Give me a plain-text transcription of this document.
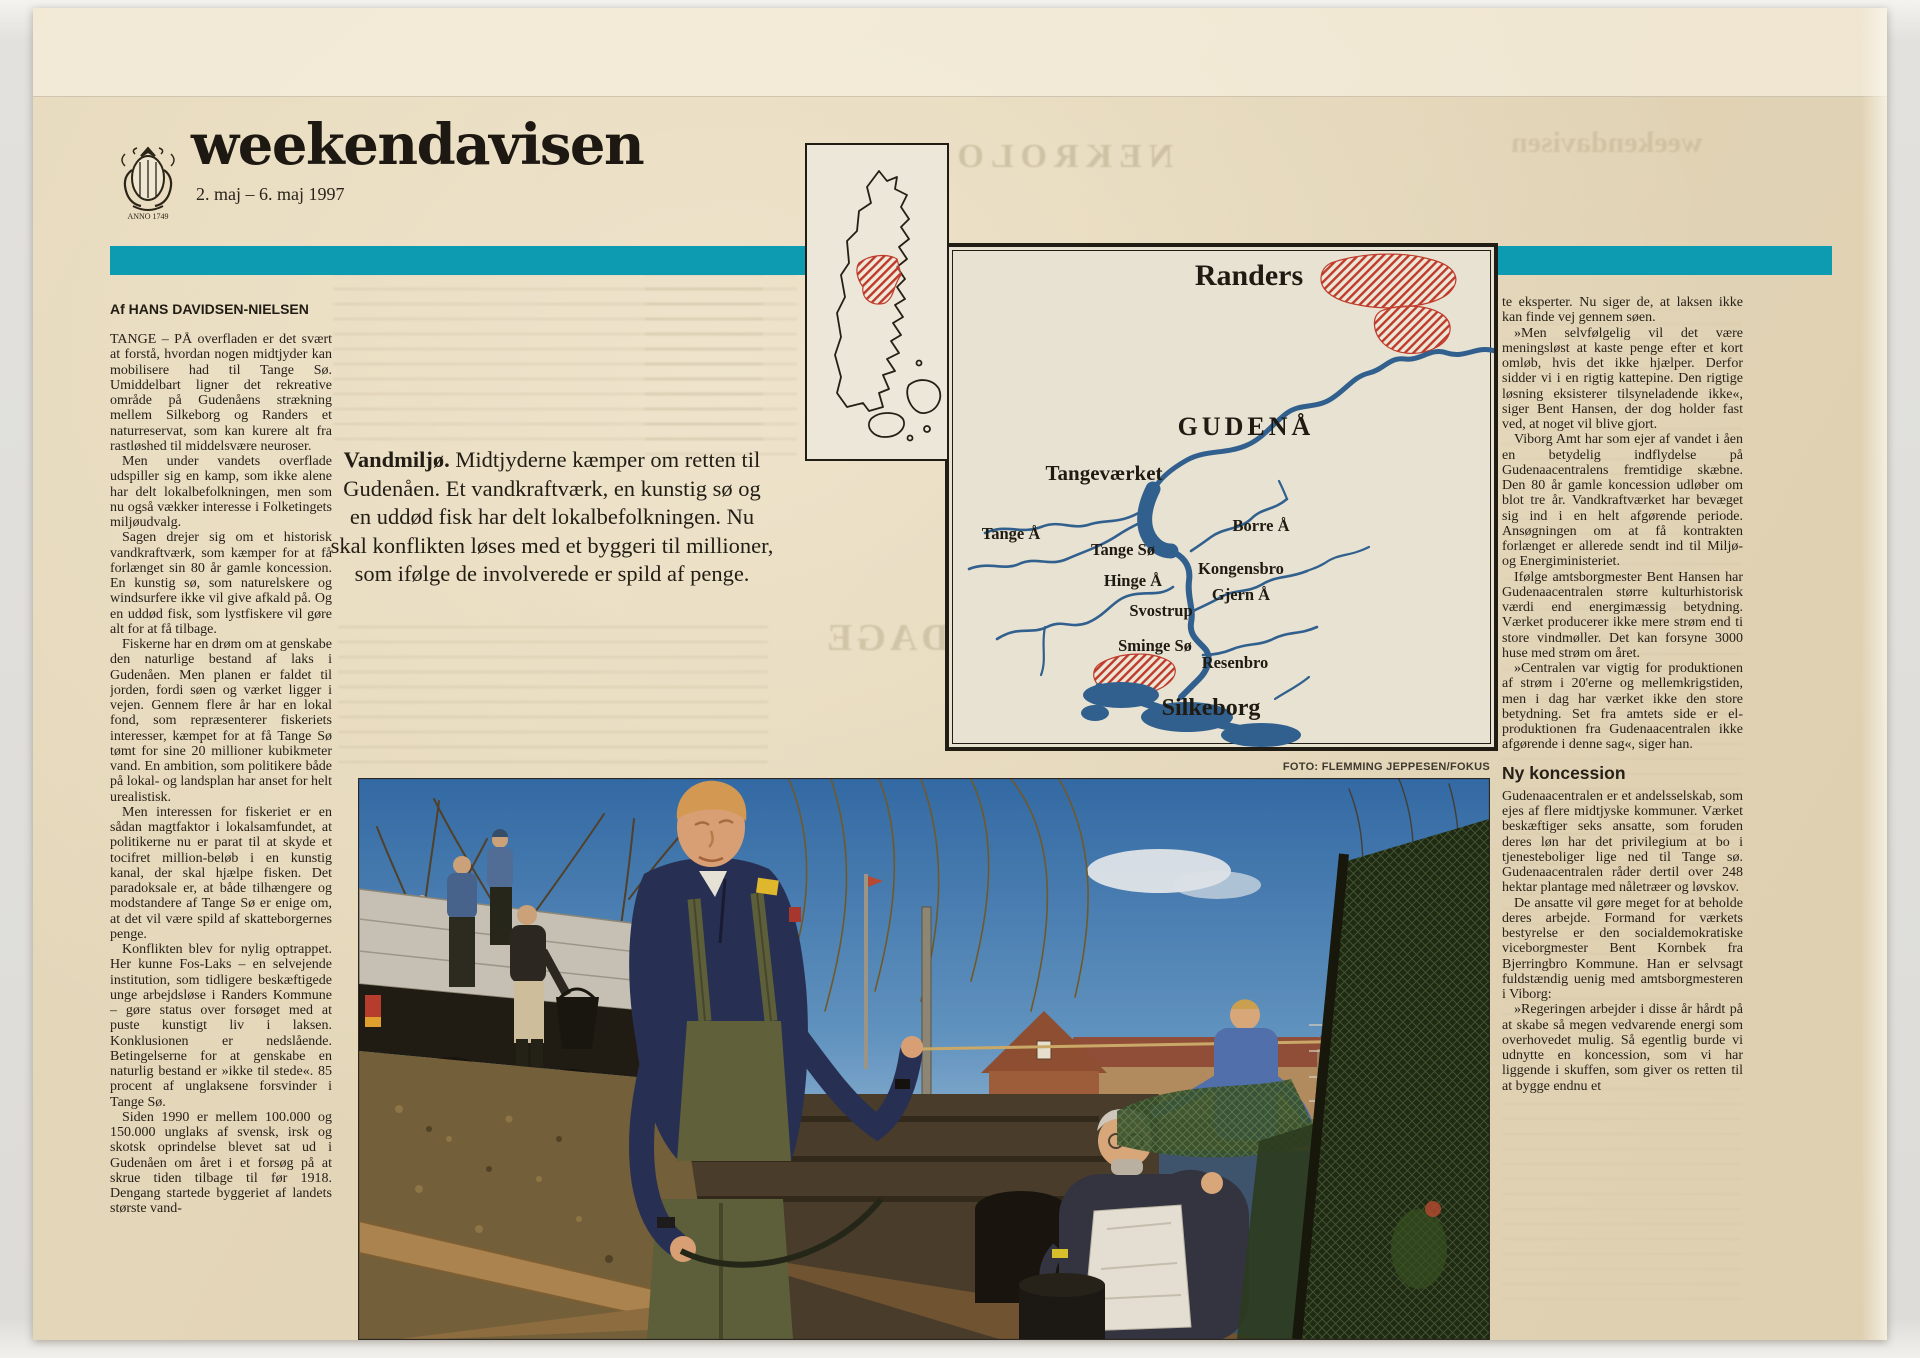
NEKROLOG	weekendavisen
SYV DAGE
ANNO 1749
weekendavisen
2. maj – 6. maj 1997
Af HANS DAVIDSEN-NIELSEN

TANGE – PÅ overfladen er det svært at forstå, hvordan nogen midtjyder kan mobilisere had til Tange Sø. Umiddelbart ligner det rekreative område på Gudenåens strækning mellem Silkeborg og Randers et naturreservat, som kan kurere alt fra rastløshed til middelsvære neuroser.

Men under vandets overflade udspiller sig en kamp, som ikke alene har delt lokalbefolkningen, men som nu også vækker interesse i Folketingets miljøudvalg.

Sagen drejer sig om et historisk vandkraftværk, som kæmper for at få forlænget sin 80 år gamle koncession. En kunstig sø, som naturelskere og windsurfere ikke vil give afkald på. Og en uddød fisk, som lystfiskere vil gøre alt for at få tilbage.

Fiskerne har en drøm om at genskabe den naturlige bestand af laks i Gudenåen. Men planen er faldet til jorden, fordi søen og værket ligger i vejen. Gennem flere år har en lokal fond, som repræsenterer fiskeriets interesser, kæmpet for at få Tange Sø tømt for sine 20 millioner kubikmeter vand. En ambition, som politikere både på lokal- og landsplan har anset for helt urealistisk.

Men interessen for fiskeriet er en sådan magtfaktor i lokalsamfundet, at politikerne nu er parat til at skyde et tocifret million-beløb i en kunstig kanal, der skal hjælpe fisken. Det paradoksale er, at både tilhængere og modstandere af Tange Sø er enige om, at det vil være spild af skatteborgernes penge.

Konflikten blev for nylig optrappet. Her kunne Fos-Laks – en selvejende institution, som tidligere beskæftigede unge arbejdsløse i Randers Kommune – gøre status over forsøget med at puste kunstigt liv i laksen. Konklusionen er nedslående. Betingelserne for at genskabe en naturlig bestand er »ikke til stede«. 85 procent af unglaksene forsvinder i Tange Sø.

Siden 1990 er mellem 100.000 og 150.000 unglaks af svensk, irsk og skotsk oprindelse blevet sat ud i Gudenåen om året i et forsøg på at skrue tiden tilbage til før 1918. Dengang startede byggeriet af landets største vand-

Vandmiljø. Midtjyderne kæmper om retten til Gudenåen. Et vandkraftværk, en kunstig sø og en uddød fisk har delt lokalbefolkningen. Nu skal konflikten løses med et byggeri til millioner, som ifølge de involverede er spild af penge.
Randers
GUDENÅ
Tangeværket
Tange Å
Tange Sø
Borre Å
Kongensbro
Hinge Å
Gjern Å
Svostrup
Sminge Sø
Resenbro
Silkeborg
FOTO: FLEMMING JEPPESEN/FOKUS

te eksperter. Nu siger de, at laksen ikke kan finde vej gennem søen.

»Men selvfølgelig vil det være meningsløst at kaste penge efter et kort omløb, hvis det ikke hjælper. Derfor sidder vi i en rigtig kattepine. Den rigtige løsning eksisterer tilsyneladende ikke«, siger Bent Hansen, der dog holder fast ved, at noget vil blive gjort.

Viborg Amt har som ejer af vandet i åen en betydelig indflydelse på Gudenaacentralens fremtidige skæbne. Den 80 år gamle koncession udløber om blot tre år. Vandkraftværket har bevæget sig ind i en helt afgørende periode. Ansøgningen om at få kontrakten forlænget er allerede sendt ind til Miljø- og Energiministeriet.

Ifølge amtsborgmester Bent Hansen har Gudenaacentralen større kulturhistorisk værdi end energimæssig betydning. Værket producerer ikke mere strøm end ti store vindmøller. Det kan forsyne 3000 huse med strøm om året.

»Centralen var vigtig for produktionen af strøm i 20'erne og mellemkrigstiden, men i dag har værket ikke den store betydning. Set fra amtets side er el-produktionen fra Gudenaacentralen ikke afgørende i denne sag«, siger han.

Ny koncession

Gudenaacentralen er et andelsselskab, som ejes af flere midtjyske kommuner. Værket beskæftiger seks ansatte, som foruden deres løn har det privilegium at bo i tjenesteboliger lige ned til Tange sø. Gudenaacentralen råder dertil over 248 hektar plantage med nåletræer og løvskov.

De ansatte vil gøre meget for at beholde deres arbejde. Formand for værkets bestyrelse er den socialdemokratiske viceborgmester Bent Kornbek fra Bjerringbro Kommune. Han er selvsagt fuldstændig uenig med amtsborgmesteren i Viborg:

»Regeringen arbejder i disse år hårdt på at skabe så megen vedvarende energi som overhovedet mulig. Så egentlig burde vi udnytte en koncession, som vi har liggende i skuffen, som giver os retten til at bygge endnu et
